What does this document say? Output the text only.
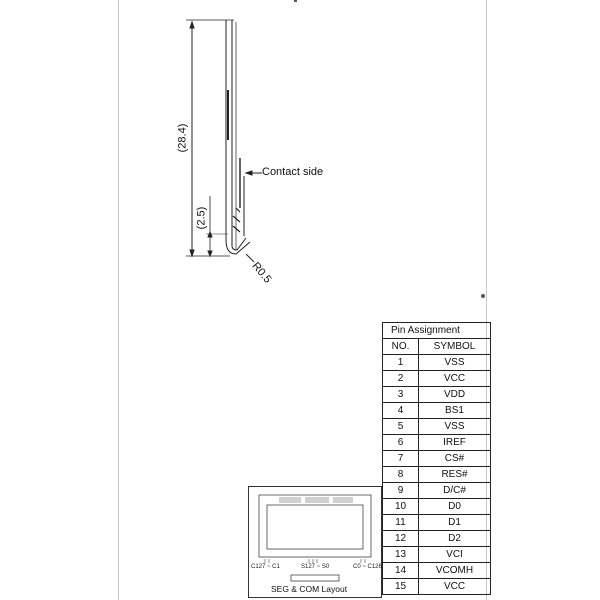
(28.4)
(2.5)
Contact side
R0.5
Pin Assignment	
NO.	SYMBOL
1	VSS
2	VCC
3	VDD
4	BS1
5	VSS
6	IREF
7	CS#
8	RES#
9	D/C#
10	D0
11	D1
12	D2
13	VCI
14	VCOMH
15	VCC
C127 ~ C1	S127 ~ S0	C0 ~ C126
SEG & COM Layout
